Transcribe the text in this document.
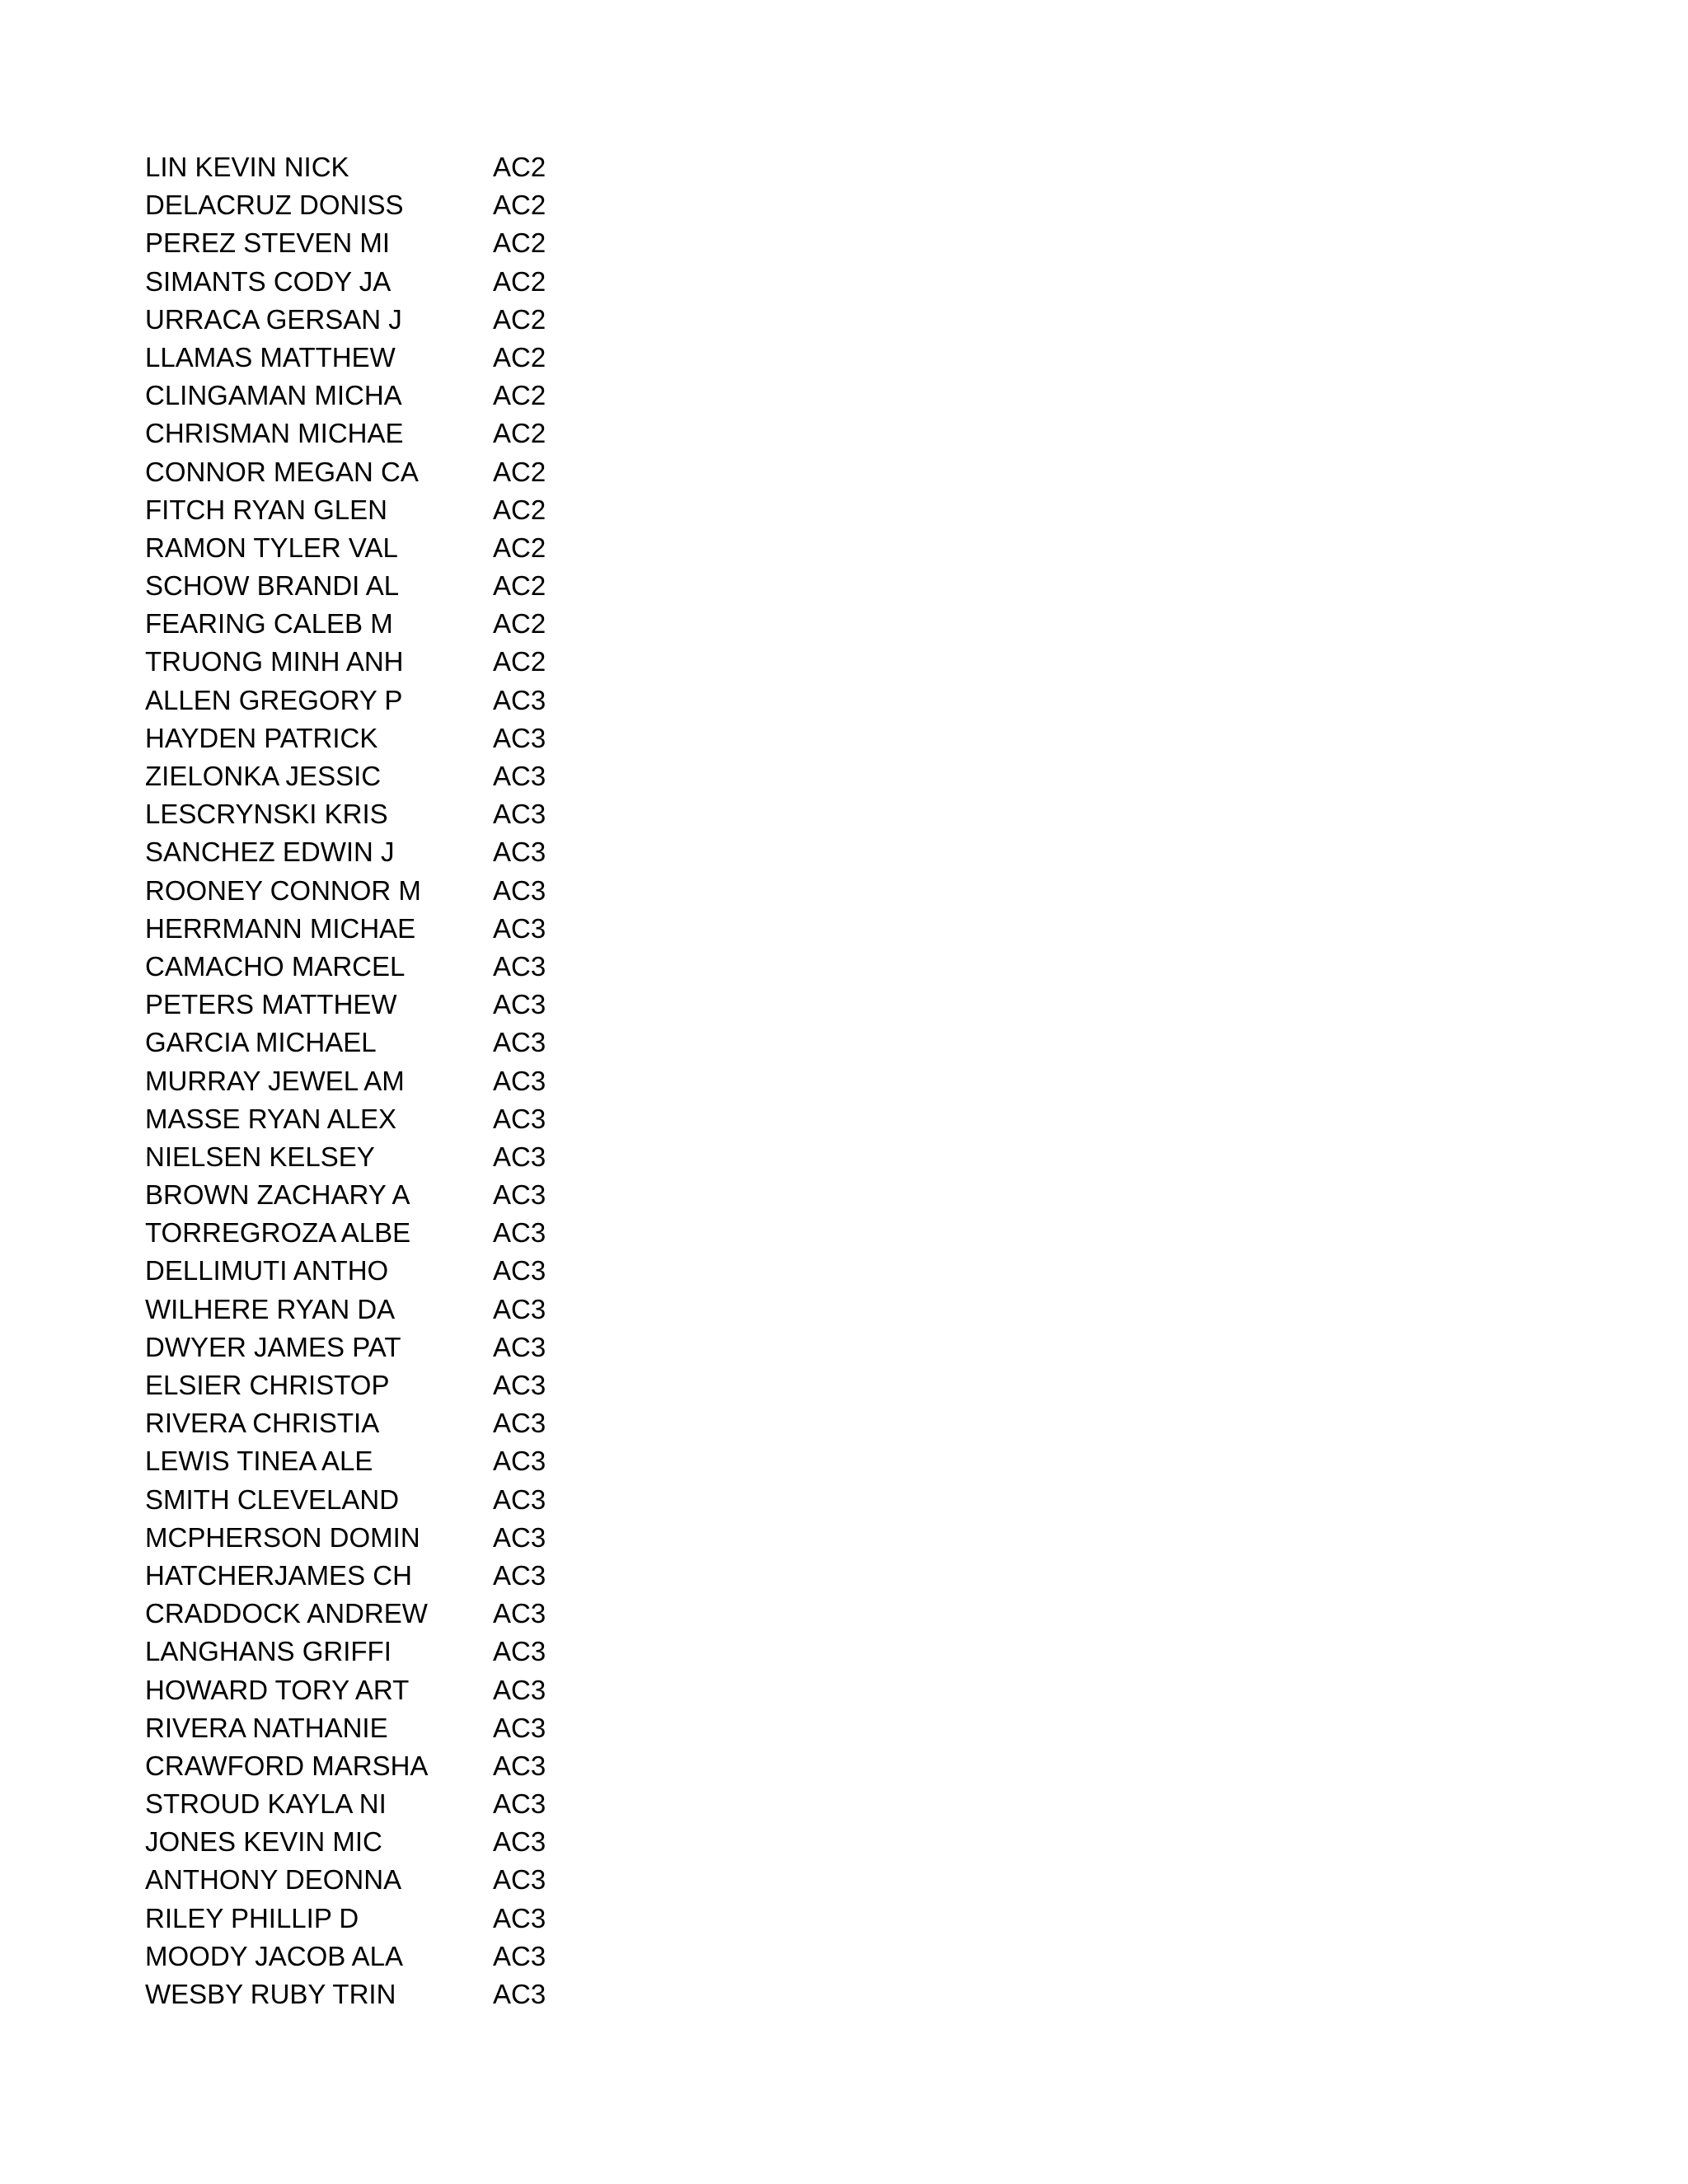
LIN KEVIN NICK	AC2
DELACRUZ DONISS	AC2
PEREZ STEVEN MI	AC2
SIMANTS CODY JA	AC2
URRACA GERSAN J	AC2
LLAMAS MATTHEW	AC2
CLINGAMAN MICHA	AC2
CHRISMAN MICHAE	AC2
CONNOR MEGAN CA	AC2
FITCH RYAN GLEN	AC2
RAMON TYLER VAL	AC2
SCHOW BRANDI AL	AC2
FEARING CALEB M	AC2
TRUONG MINH ANH	AC2
ALLEN GREGORY P	AC3
HAYDEN PATRICK	AC3
ZIELONKA JESSIC	AC3
LESCRYNSKI KRIS	AC3
SANCHEZ EDWIN J	AC3
ROONEY CONNOR M	AC3
HERRMANN MICHAE	AC3
CAMACHO MARCEL	AC3
PETERS MATTHEW	AC3
GARCIA MICHAEL	AC3
MURRAY JEWEL AM	AC3
MASSE RYAN ALEX	AC3
NIELSEN KELSEY	AC3
BROWN ZACHARY A	AC3
TORREGROZA ALBE	AC3
DELLIMUTI ANTHO	AC3
WILHERE RYAN DA	AC3
DWYER JAMES PAT	AC3
ELSIER CHRISTOP	AC3
RIVERA CHRISTIA	AC3
LEWIS TINEA ALE	AC3
SMITH CLEVELAND	AC3
MCPHERSON DOMIN	AC3
HATCHERJAMES CH	AC3
CRADDOCK ANDREW	AC3
LANGHANS GRIFFI	AC3
HOWARD TORY ART	AC3
RIVERA NATHANIE	AC3
CRAWFORD MARSHA	AC3
STROUD KAYLA NI	AC3
JONES KEVIN MIC	AC3
ANTHONY DEONNA	AC3
RILEY PHILLIP D	AC3
MOODY JACOB ALA	AC3
WESBY RUBY TRIN	AC3
